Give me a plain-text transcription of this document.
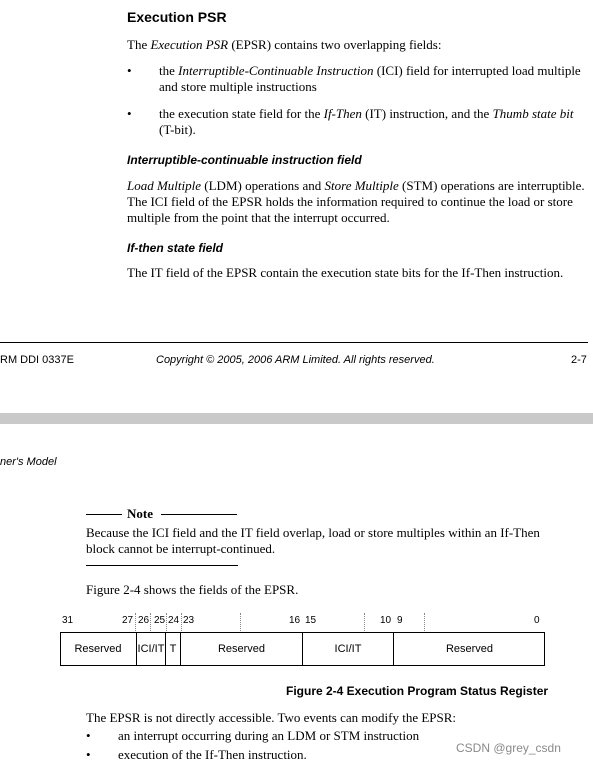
Execution PSR
The Execution PSR (EPSR) contains two overlapping fields:
• the Interruptible-Continuable Instruction (ICI) field for interrupted load multiple
and store multiple instructions
• the execution state field for the If-Then (IT) instruction, and the Thumb state bit
(T-bit).
Interruptible-continuable instruction field
Load Multiple (LDM) operations and Store Multiple (STM) operations are interruptible.
The ICI field of the EPSR holds the information required to continue the load or store
multiple from the point that the interrupt occurred.
If-then state field
The IT field of the EPSR contain the execution state bits for the If-Then instruction.
RM DDI 0337E	Copyright © 2005, 2006 ARM Limited. All rights reserved.	2-7
ner's Model
Note
Because the ICI field and the IT field overlap, load or store multiples within an If-Then
block cannot be interrupt-continued.
Figure 2-4 shows the fields of the EPSR.
31	27 26 25 24 23	16 15	10 9	0
Reserved	ICI/IT T	Reserved	ICI/IT	Reserved
Figure 2-4 Execution Program Status Register
The EPSR is not directly accessible. Two events can modify the EPSR:
• an interrupt occurring during an LDM or STM instruction
• execution of the If-Then instruction.	CSDN @grey_csdn
